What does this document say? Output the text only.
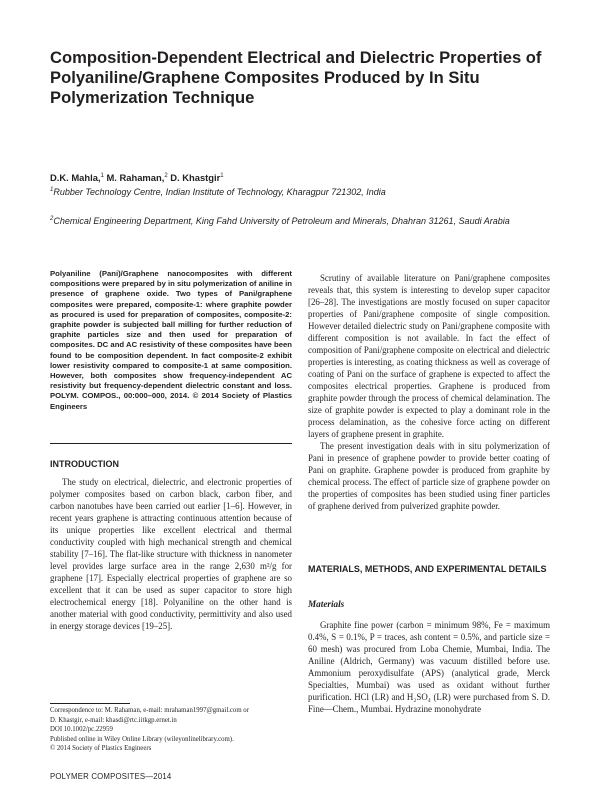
Composition-Dependent Electrical and Dielectric Properties of Polyaniline/Graphene Composites Produced by In Situ Polymerization Technique
D.K. Mahla,$^1$ M. Rahaman,$^2$ D. Khastgir$^1$
$^1$Rubber Technology Centre, Indian Institute of Technology, Kharagpur 721302, India
$^2$Chemical Engineering Department, King Fahd University of Petroleum and Minerals, Dhahran 31261, Saudi Arabia

Polyaniline (Pani)/Graphene nanocomposites with different compositions were prepared by in situ polymerization of aniline in presence of graphene oxide. Two types of Pani/graphene composites were prepared, composite-1: where graphite powder as procured is used for preparation of composites, composite-2: graphite powder is subjected ball milling for further reduction of graphite particles size and then used for preparation of composites. DC and AC resistivity of these composites have been found to be composition dependent. In fact composite-2 exhibit lower resistivity compared to composite-1 at same composition. However, both composites show frequency-independent AC resistivity but frequency-dependent dielectric constant and loss. POLYM. COMPOS., 00:000–000, 2014. © 2014 Society of Plastics Engineers

INTRODUCTION

The study on electrical, dielectric, and electronic properties of polymer composites based on carbon black, carbon fiber, and carbon nanotubes have been carried out earlier [1–6]. However, in recent years graphene is attracting continuous attention because of its unique properties like excellent electrical and thermal conductivity coupled with high mechanical strength and chemical stability [7–16]. The flat-like structure with thickness in nanometer level provides large surface area in the range 2,630 m²/g for graphene [17]. Especially electrical properties of graphene are so excellent that it can be used as super capacitor to store high electrochemical energy [18]. Polyaniline on the other hand is another material with good conductivity, permittivity and also used in energy storage devices [19–25].

Scrutiny of available literature on Pani/graphene composites reveals that, this system is interesting to develop super capacitor [26–28]. The investigations are mostly focused on super capacitor properties of Pani/graphene composite of single composition. However detailed dielectric study on Pani/graphene composite with different composition is not available. In fact the effect of composition of Pani/graphene composite on electrical and dielectric properties is interesting, as coating thickness as well as coverage of coating of Pani on the surface of graphene is expected to affect the composites electrical properties. Graphene is produced from graphite powder through the process of chemical delamination. The size of graphite powder is expected to play a dominant role in the process delamination, as the cohesive force acting on different layers of graphene present in graphite.

The present investigation deals with in situ polymerization of Pani in presence of graphene powder to provide better coating of Pani on graphite. Graphene powder is produced from graphite by chemical process. The effect of particle size of graphene powder on the properties of composites has been studied using finer particles of graphene derived from pulverized graphite powder.

MATERIALS, METHODS, AND EXPERIMENTAL DETAILS
Materials

Graphite fine power (carbon = minimum 98%, Fe = maximum 0.4%, S = 0.1%, P = traces, ash content = 0.5%, and particle size = 60 mesh) was procured from Loba Chemie, Mumbai, India. The Aniline (Aldrich, Germany) was vacuum distilled before use. Ammonium peroxydisulfate (APS) (analytical grade, Merck Specialties, Mumbai) was used as oxidant without further purification. HCl (LR) and H₂SO₄ (LR) were purchased from S. D. Fine—Chem., Mumbai. Hydrazine monohydrate

Correspondence to: M. Rahaman, e-mail: mrahaman1997@gmail.com or
D. Khastgir, e-mail: khasdi@rtc.iitkgp.ernet.in
DOI 10.1002/pc.22959
Published online in Wiley Online Library (wileyonlinelibrary.com).
© 2014 Society of Plastics Engineers
POLYMER COMPOSITES—2014
